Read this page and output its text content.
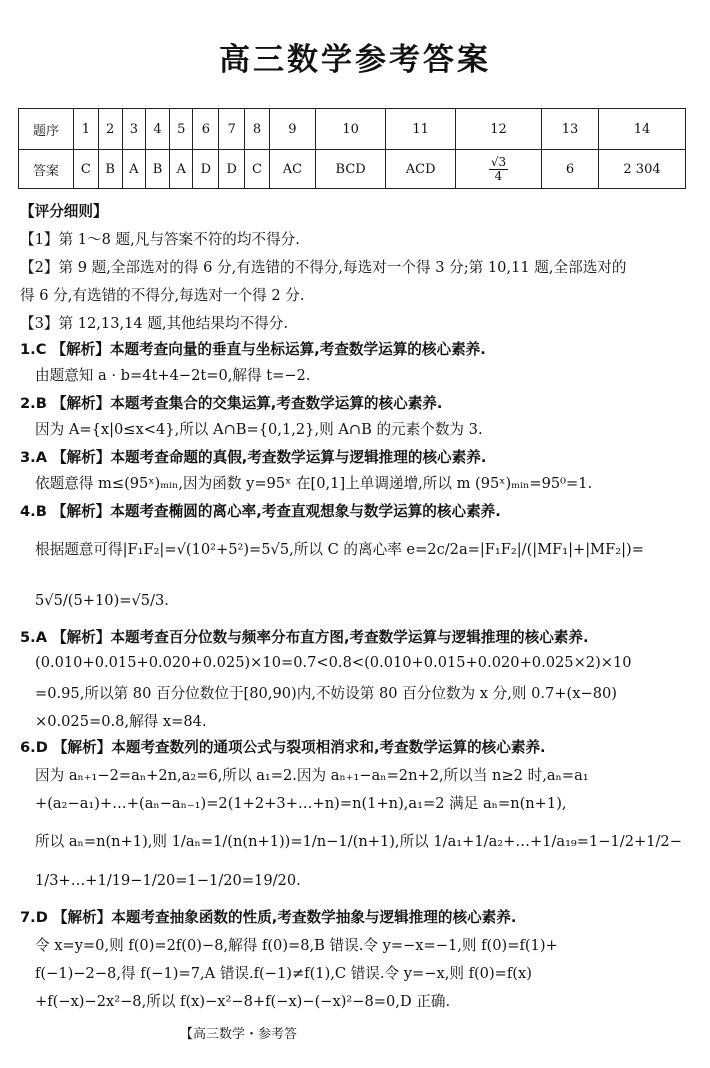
高三数学参考答案
题序	1	2	3	4	5	6	7	8	9	10	11	12	13	14
答案	C	B	A	B	A	D	D	C	AC	BCD	ACD	$\frac{√3}{4}$	6	2 304
【评分细则】
【1】第 1～8 题,凡与答案不符的均不得分.
【2】第 9 题,全部选对的得 6 分,有选错的不得分,每选对一个得 3 分;第 10,11 题,全部选对的
得 6 分,有选错的不得分,每选对一个得 2 分.
【3】第 12,13,14 题,其他结果均不得分.
1.C 【解析】本题考查向量的垂直与坐标运算,考查数学运算的核心素养.
由题意知 a · b=4t+4−2t=0,解得 t=−2.
2.B 【解析】本题考查集合的交集运算,考查数学运算的核心素养.
因为 A={x|0≤x<4},所以 A∩B={0,1,2},则 A∩B 的元素个数为 3.
3.A 【解析】本题考查命题的真假,考查数学运算与逻辑推理的核心素养.
依题意得 m≤(95ˣ)ₘᵢₙ,因为函数 y=95ˣ 在[0,1]上单调递增,所以 m (95ˣ)ₘᵢₙ=95⁰=1.
4.B 【解析】本题考查椭圆的离心率,考查直观想象与数学运算的核心素养.
根据题意可得|F₁F₂|=√(10²+5²)=5√5,所以 C 的离心率 e=2c/2a=|F₁F₂|/(|MF₁|+|MF₂|)=
5√5/(5+10)=√5/3.
5.A 【解析】本题考查百分位数与频率分布直方图,考查数学运算与逻辑推理的核心素养.
(0.010+0.015+0.020+0.025)×10=0.7<0.8<(0.010+0.015+0.020+0.025×2)×10
=0.95,所以第 80 百分位数位于[80,90)内,不妨设第 80 百分位数为 x 分,则 0.7+(x−80)
×0.025=0.8,解得 x=84.
6.D 【解析】本题考查数列的通项公式与裂项相消求和,考查数学运算的核心素养.
因为 aₙ₊₁−2=aₙ+2n,a₂=6,所以 a₁=2.因为 aₙ₊₁−aₙ=2n+2,所以当 n≥2 时,aₙ=a₁
+(a₂−a₁)+…+(aₙ−aₙ₋₁)=2(1+2+3+…+n)=n(1+n),a₁=2 满足 aₙ=n(n+1),
所以 aₙ=n(n+1),则 1/aₙ=1/(n(n+1))=1/n−1/(n+1),所以 1/a₁+1/a₂+…+1/a₁₉=1−1/2+1/2−
1/3+…+1/19−1/20=1−1/20=19/20.
7.D 【解析】本题考查抽象函数的性质,考查数学抽象与逻辑推理的核心素养.
令 x=y=0,则 f(0)=2f(0)−8,解得 f(0)=8,B 错误.令 y=−x=−1,则 f(0)=f(1)+
f(−1)−2−8,得 f(−1)=7,A 错误.f(−1)≠f(1),C 错误.令 y=−x,则 f(0)=f(x)
+f(−x)−2x²−8,所以 f(x)−x²−8+f(−x)−(−x)²−8=0,D 正确.
【高三数学・参考答
